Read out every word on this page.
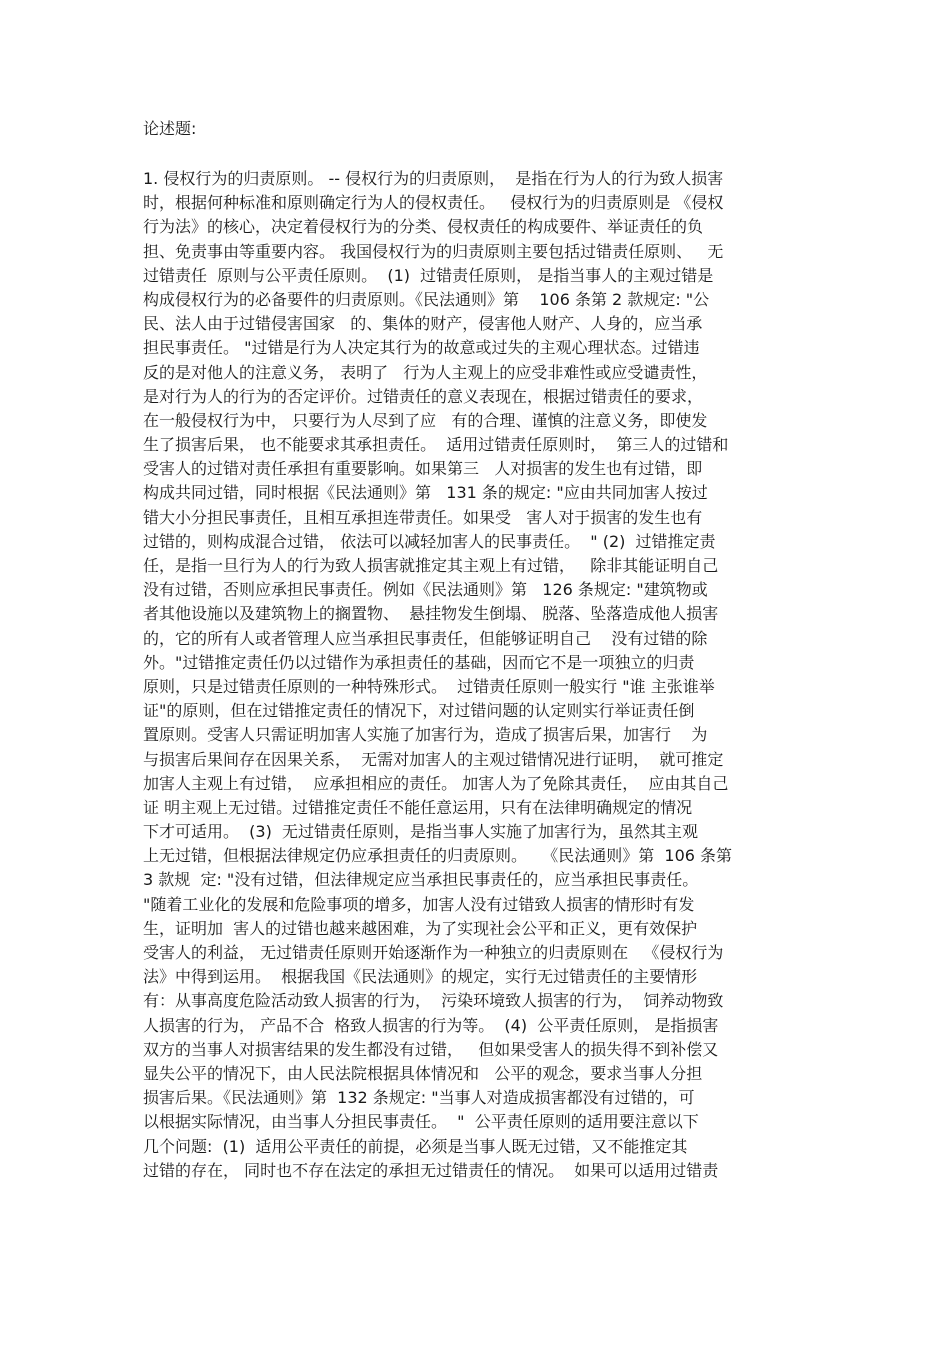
论述题:
1. 侵权行为的归责原则。 -- 侵权行为的归责原则，  是指在行为人的行为致人损害
时，根据何种标准和原则确定行为人的侵权责任。   侵权行为的归责原则是 《侵权
行为法》的核心，决定着侵权行为的分类、侵权责任的构成要件、举证责任的负
担、免责事由等重要内容。 我国侵权行为的归责原则主要包括过错责任原则、   无
过错责任  原则与公平责任原则。  (1)  过错责任原则， 是指当事人的主观过错是
构成侵权行为的必备要件的归责原则。《民法通则》第    106 条第 2 款规定: "公
民、法人由于过错侵害国家   的、集体的财产，侵害他人财产、人身的，应当承
担民事责任。 "过错是行为人决定其行为的故意或过失的主观心理状态。过错违
反的是对他人的注意义务， 表明了   行为人主观上的应受非难性或应受谴责性，
是对行为人的行为的否定评价。过错责任的意义表现在，根据过错责任的要求，
在一般侵权行为中， 只要行为人尽到了应   有的合理、谨慎的注意义务，即使发
生了损害后果， 也不能要求其承担责任。  适用过错责任原则时，  第三人的过错和
受害人的过错对责任承担有重要影响。如果第三   人对损害的发生也有过错，即
构成共同过错，同时根据《民法通则》第   131 条的规定: "应由共同加害人按过
错大小分担民事责任，且相互承担连带责任。如果受   害人对于损害的发生也有
过错的，则构成混合过错， 依法可以减轻加害人的民事责任。  " (2)  过错推定责
任，是指一旦行为人的行为致人损害就推定其主观上有过错，   除非其能证明自己
没有过错，否则应承担民事责任。例如《民法通则》第   126 条规定: "建筑物或
者其他设施以及建筑物上的搁置物、  悬挂物发生倒塌、 脱落、坠落造成他人损害
的，它的所有人或者管理人应当承担民事责任，但能够证明自己    没有过错的除
外。"过错推定责任仍以过错作为承担责任的基础，因而它不是一项独立的归责
原则，只是过错责任原则的一种特殊形式。  过错责任原则一般实行 "谁 主张谁举
证"的原则，但在过错推定责任的情况下，对过错问题的认定则实行举证责任倒
置原则。受害人只需证明加害人实施了加害行为，造成了损害后果，加害行    为
与损害后果间存在因果关系，  无需对加害人的主观过错情况进行证明，  就可推定
加害人主观上有过错，  应承担相应的责任。 加害人为了免除其责任，  应由其自己
证 明主观上无过错。过错推定责任不能任意运用，只有在法律明确规定的情况
下才可适用。  (3)  无过错责任原则，是指当事人实施了加害行为，虽然其主观
上无过错，但根据法律规定仍应承担责任的归责原则。   《民法通则》第  106 条第
3 款规  定: "没有过错，但法律规定应当承担民事责任的，应当承担民事责任。
"随着工业化的发展和危险事项的增多，加害人没有过错致人损害的情形时有发
生，证明加  害人的过错也越来越困难，为了实现社会公平和正义，更有效保护
受害人的利益， 无过错责任原则开始逐渐作为一种独立的归责原则在   《侵权行为
法》中得到运用。  根据我国《民法通则》的规定，实行无过错责任的主要情形
有：从事高度危险活动致人损害的行为，  污染环境致人损害的行为，  饲养动物致
人损害的行为， 产品不合  格致人损害的行为等。  (4)  公平责任原则， 是指损害
双方的当事人对损害结果的发生都没有过错，   但如果受害人的损失得不到补偿又
显失公平的情况下，由人民法院根据具体情况和   公平的观念，要求当事人分担
损害后果。《民法通则》第  132 条规定: "当事人对造成损害都没有过错的，可
以根据实际情况，由当事人分担民事责任。  "  公平责任原则的适用要注意以下
几个问题:  (1)  适用公平责任的前提，必须是当事人既无过错，又不能推定其
过错的存在， 同时也不存在法定的承担无过错责任的情况。  如果可以适用过错责
